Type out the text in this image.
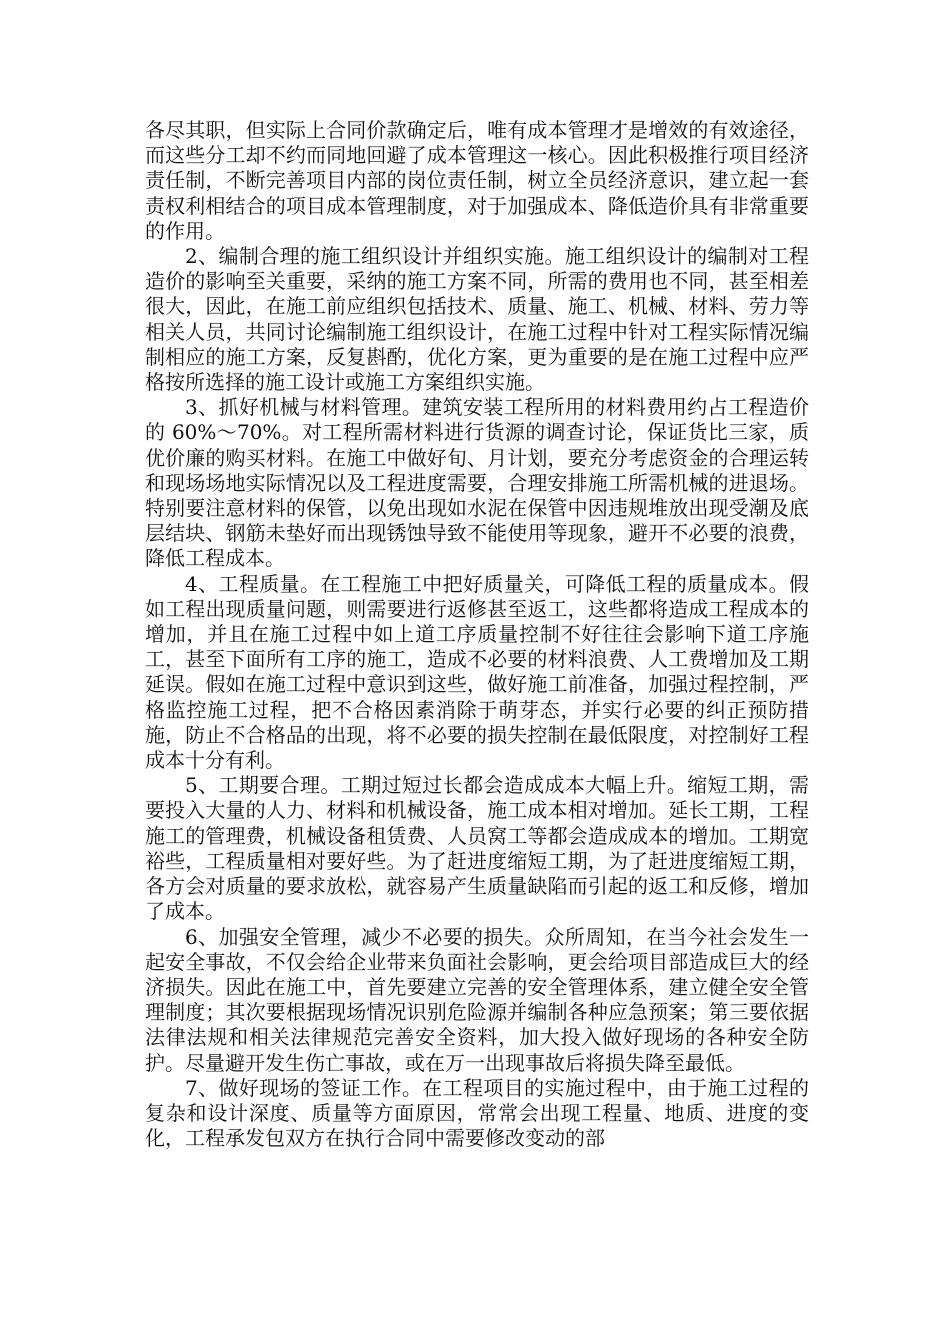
各尽其职，但实际上合同价款确定后，唯有成本管理才是增效的有效途径，而这些分工却不约而同地回避了成本管理这一核心。因此积极推行项目经济责任制，不断完善项目内部的岗位责任制，树立全员经济意识，建立起一套责权利相结合的项目成本管理制度，对于加强成本、降低造价具有非常重要的作用。

2、编制合理的施工组织设计并组织实施。施工组织设计的编制对工程造价的影响至关重要，采纳的施工方案不同，所需的费用也不同，甚至相差很大，因此，在施工前应组织包括技术、质量、施工、机械、材料、劳力等相关人员，共同讨论编制施工组织设计，在施工过程中针对工程实际情况编制相应的施工方案，反复斟酌，优化方案，更为重要的是在施工过程中应严格按所选择的施工设计或施工方案组织实施。

3、抓好机械与材料管理。建筑安装工程所用的材料费用约占工程造价的 60%～70%。对工程所需材料进行货源的调查讨论，保证货比三家，质优价廉的购买材料。在施工中做好旬、月计划，要充分考虑资金的合理运转和现场场地实际情况以及工程进度需要，合理安排施工所需机械的进退场。特别要注意材料的保管，以免出现如水泥在保管中因违规堆放出现受潮及底层结块、钢筋未垫好而出现锈蚀导致不能使用等现象，避开不必要的浪费，降低工程成本。

4、工程质量。在工程施工中把好质量关，可降低工程的质量成本。假如工程出现质量问题，则需要进行返修甚至返工，这些都将造成工程成本的增加，并且在施工过程中如上道工序质量控制不好往往会影响下道工序施工，甚至下面所有工序的施工，造成不必要的材料浪费、人工费增加及工期延误。假如在施工过程中意识到这些，做好施工前准备，加强过程控制，严格监控施工过程，把不合格因素消除于萌芽态，并实行必要的纠正预防措施，防止不合格品的出现，将不必要的损失控制在最低限度，对控制好工程成本十分有利。

5、工期要合理。工期过短过长都会造成成本大幅上升。缩短工期，需要投入大量的人力、材料和机械设备，施工成本相对增加。延长工期，工程施工的管理费，机械设备租赁费、人员窝工等都会造成成本的增加。工期宽裕些，工程质量相对要好些。为了赶进度缩短工期，为了赶进度缩短工期，各方会对质量的要求放松，就容易产生质量缺陷而引起的返工和反修，增加了成本。

6、加强安全管理，减少不必要的损失。众所周知，在当今社会发生一起安全事故，不仅会给企业带来负面社会影响，更会给项目部造成巨大的经济损失。因此在施工中，首先要建立完善的安全管理体系，建立健全安全管理制度；其次要根据现场情况识别危险源并编制各种应急预案；第三要依据法律法规和相关法律规范完善安全资料，加大投入做好现场的各种安全防护。尽量避开发生伤亡事故，或在万一出现事故后将损失降至最低。

7、做好现场的签证工作。在工程项目的实施过程中，由于施工过程的复杂和设计深度、质量等方面原因，常常会出现工程量、地质、进度的变化，工程承发包双方在执行合同中需要修改变动的部
